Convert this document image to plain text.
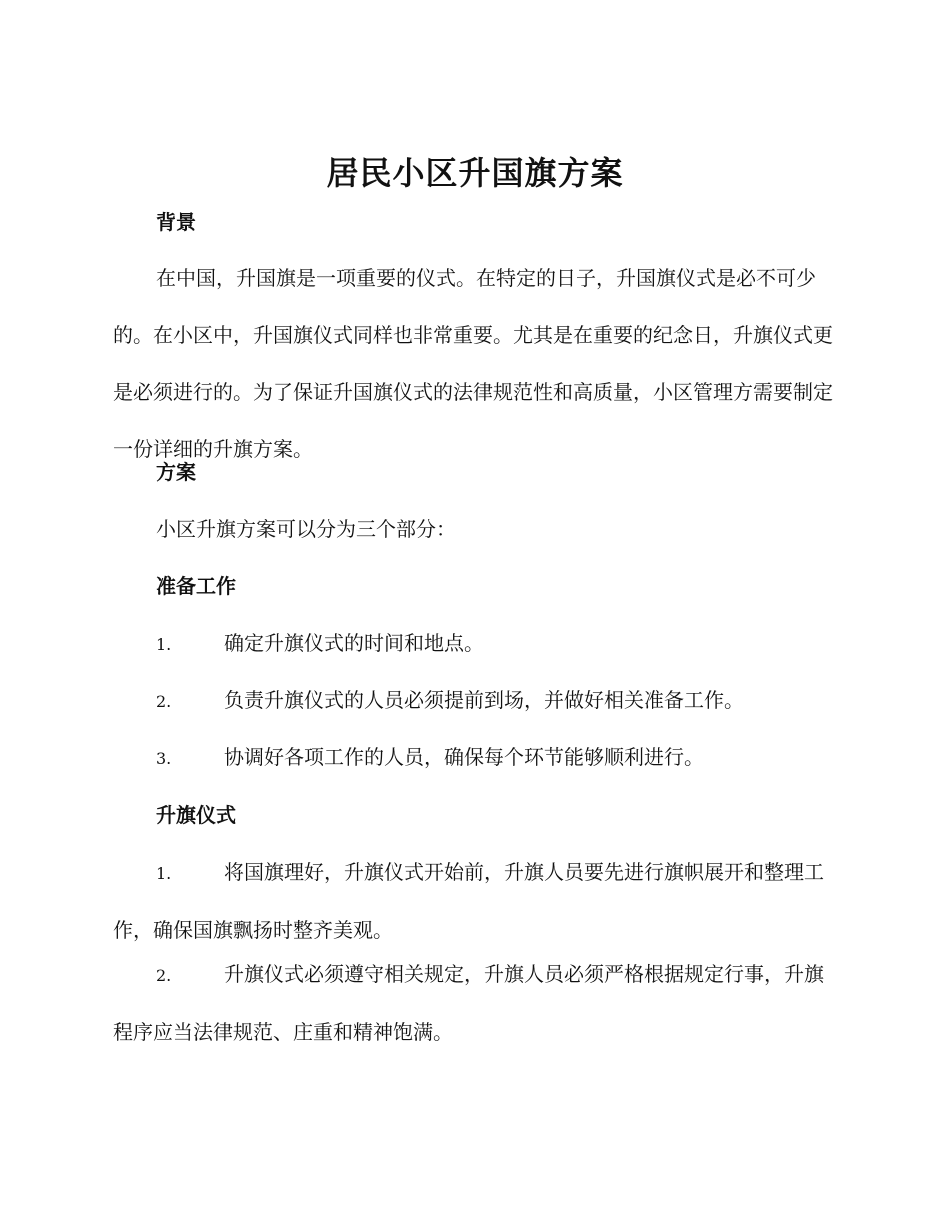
居民小区升国旗方案
背景

在中国，升国旗是一项重要的仪式。在特定的日子，升国旗仪式是必不可少的。在小区中，升国旗仪式同样也非常重要。尤其是在重要的纪念日，升旗仪式更是必须进行的。为了保证升国旗仪式的法律规范性和高质量，小区管理方需要制定一份详细的升旗方案。

方案
小区升旗方案可以分为三个部分：
准备工作
1.	确定升旗仪式的时间和地点。
2.	负责升旗仪式的人员必须提前到场，并做好相关准备工作。
3.	协调好各项工作的人员，确保每个环节能够顺利进行。
升旗仪式
1.	将国旗理好，升旗仪式开始前，升旗人员要先进行旗帜展开和整理工作，确保国旗飘扬时整齐美观。
2.	升旗仪式必须遵守相关规定，升旗人员必须严格根据规定行事，升旗程序应当法律规范、庄重和精神饱满。
